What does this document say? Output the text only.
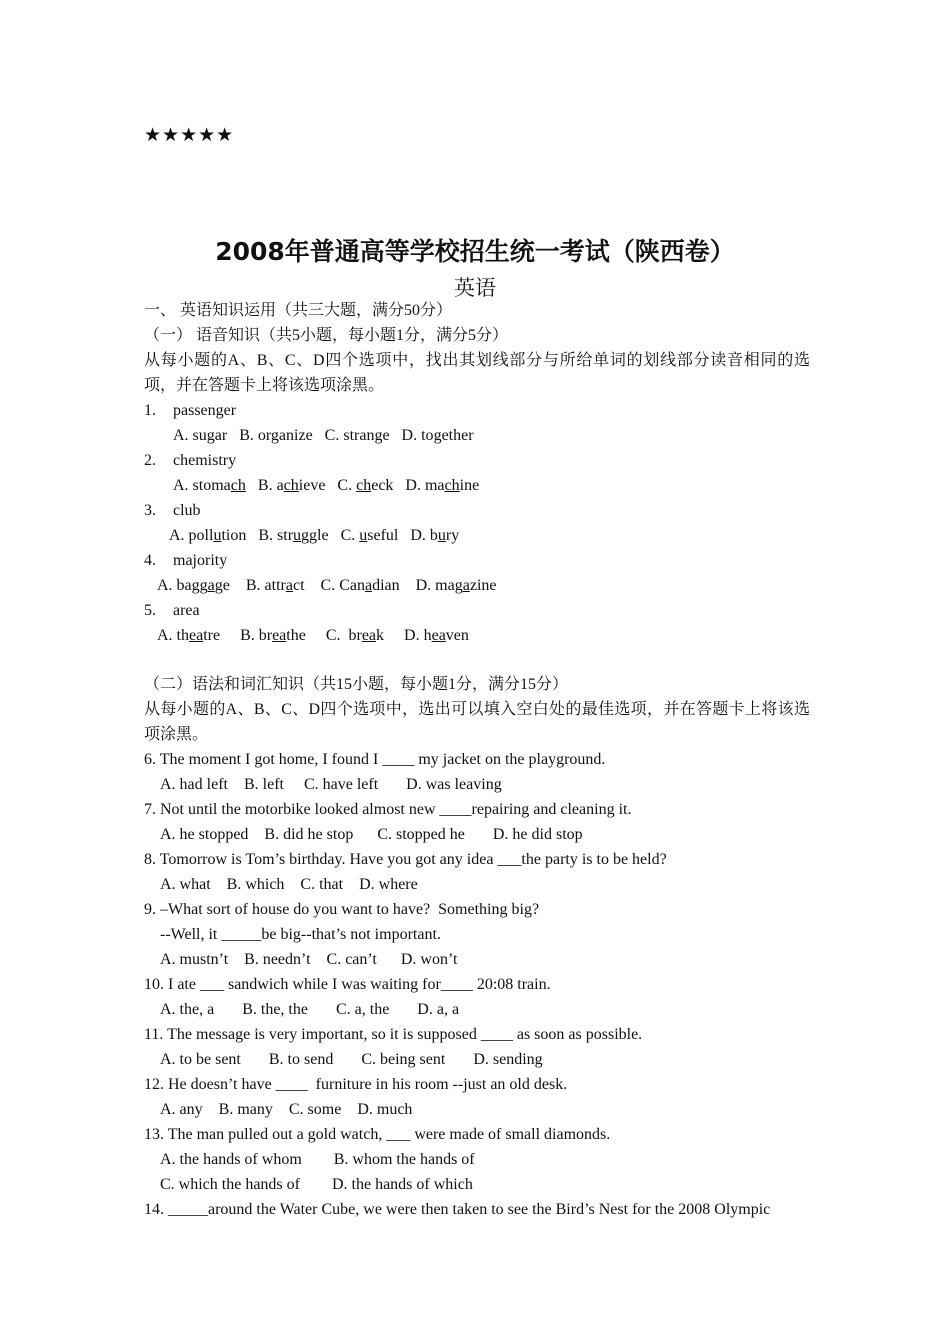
★★★★★
2008年普通高等学校招生统一考试（陕西卷）
英语
一、 英语知识运用（共三大题，满分50分）
（一） 语音知识（共5小题，每小题1分，满分5分）
从每小题的A、B、C、D四个选项中，找出其划线部分与所给单词的划线部分读音相同的选项，并在答题卡上将该选项涂黑。
1. passenger
A. sugar   B. organize   C. strange   D. together
2. chemistry
A. stomach   B. achieve   C. check   D. machine
3. club
A. pollution   B. struggle   C. useful   D. bury
4. majority
A. baggage    B. attract    C. Canadian    D. magazine
5. area
A. theatre     B. breathe     C.  break     D. heaven
（二）语法和词汇知识（共15小题，每小题1分，满分15分）
从每小题的A、B、C、D四个选项中，选出可以填入空白处的最佳选项，并在答题卡上将该选项涂黑。
6. The moment I got home, I found I ____ my jacket on the playground.
A. had left    B. left     C. have left       D. was leaving
7. Not until the motorbike looked almost new ____repairing and cleaning it.
A. he stopped    B. did he stop      C. stopped he       D. he did stop
8. Tomorrow is Tom’s birthday. Have you got any idea ___the party is to be held?
A. what    B. which    C. that    D. where
9. –What sort of house do you want to have?  Something big?
--Well, it _____be big--that’s not important.
A. mustn’t    B. needn’t    C. can’t      D. won’t
10. I ate ___ sandwich while I was waiting for____ 20:08 train.
A. the, a       B. the, the       C. a, the       D. a, a
11. The message is very important, so it is supposed ____ as soon as possible.
A. to be sent       B. to send       C. being sent       D. sending
12. He doesn’t have ____  furniture in his room --just an old desk.
A. any    B. many    C. some    D. much
13. The man pulled out a gold watch, ___ were made of small diamonds.
A. the hands of whom        B. whom the hands of
C. which the hands of        D. the hands of which
14. _____around the Water Cube, we were then taken to see the Bird’s Nest for the 2008 Olympic
